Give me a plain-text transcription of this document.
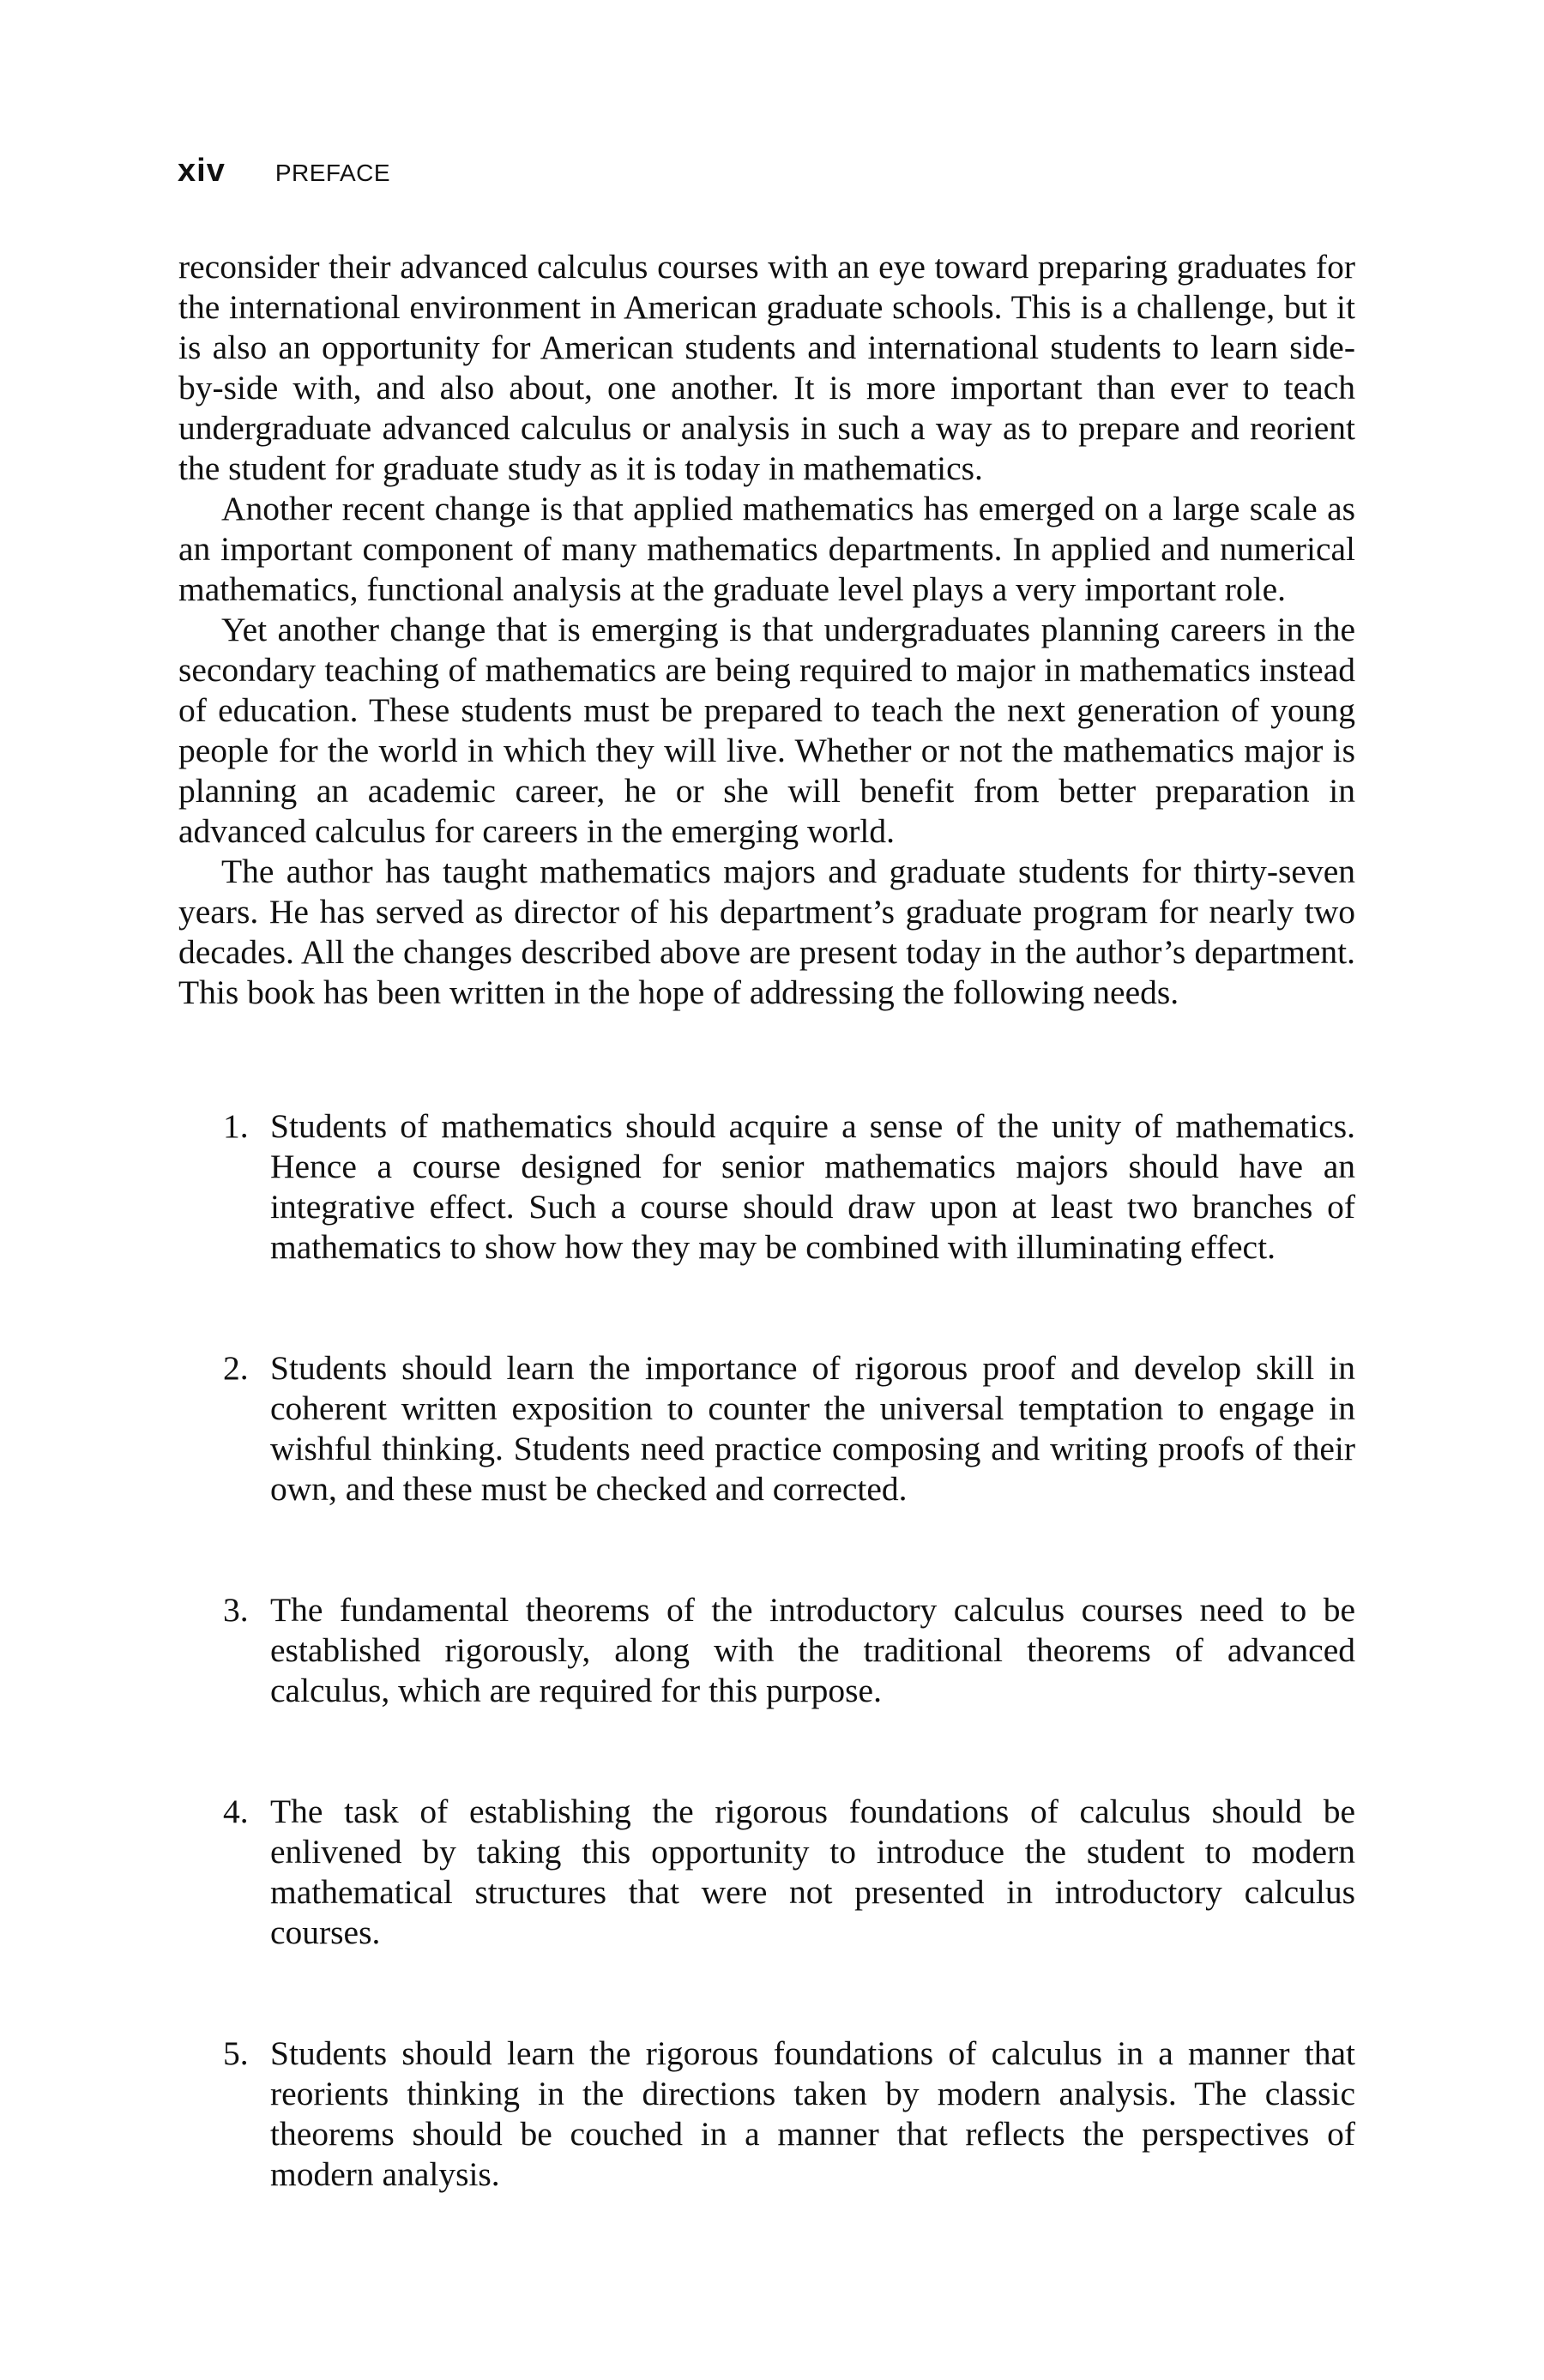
xiv PREFACE

reconsider their advanced calculus courses with an eye toward preparing graduates for the international environment in American graduate schools. This is a challenge, but it is also an opportunity for American students and international students to learn side-by-side with, and also about, one another. It is more important than ever to teach undergraduate advanced calculus or analysis in such a way as to prepare and reorient the student for graduate study as it is today in mathematics.

Another recent change is that applied mathematics has emerged on a large scale as an important component of many mathematics departments. In applied and numerical mathematics, functional analysis at the graduate level plays a very important role.

Yet another change that is emerging is that undergraduates planning careers in the secondary teaching of mathematics are being required to major in mathematics instead of education. These students must be prepared to teach the next generation of young people for the world in which they will live. Whether or not the mathematics major is planning an academic career, he or she will benefit from better preparation in advanced calculus for careers in the emerging world.

The author has taught mathematics majors and graduate students for thirty-seven years. He has served as director of his department’s graduate program for nearly two decades. All the changes described above are present today in the author’s department. This book has been written in the hope of addressing the following needs.

1. Students of mathematics should acquire a sense of the unity of mathematics. Hence a course designed for senior mathematics majors should have an integrative effect. Such a course should draw upon at least two branches of mathematics to show how they may be combined with illuminating effect.
2. Students should learn the importance of rigorous proof and develop skill in coherent written exposition to counter the universal temptation to engage in wishful thinking. Students need practice composing and writing proofs of their own, and these must be checked and corrected.
3. The fundamental theorems of the introductory calculus courses need to be established rigorously, along with the traditional theorems of advanced calculus, which are required for this purpose.
4. The task of establishing the rigorous foundations of calculus should be enlivened by taking this opportunity to introduce the student to modern mathematical structures that were not presented in introductory calculus courses.
5. Students should learn the rigorous foundations of calculus in a manner that reorients thinking in the directions taken by modern analysis. The classic theorems should be couched in a manner that reflects the perspectives of modern analysis.
